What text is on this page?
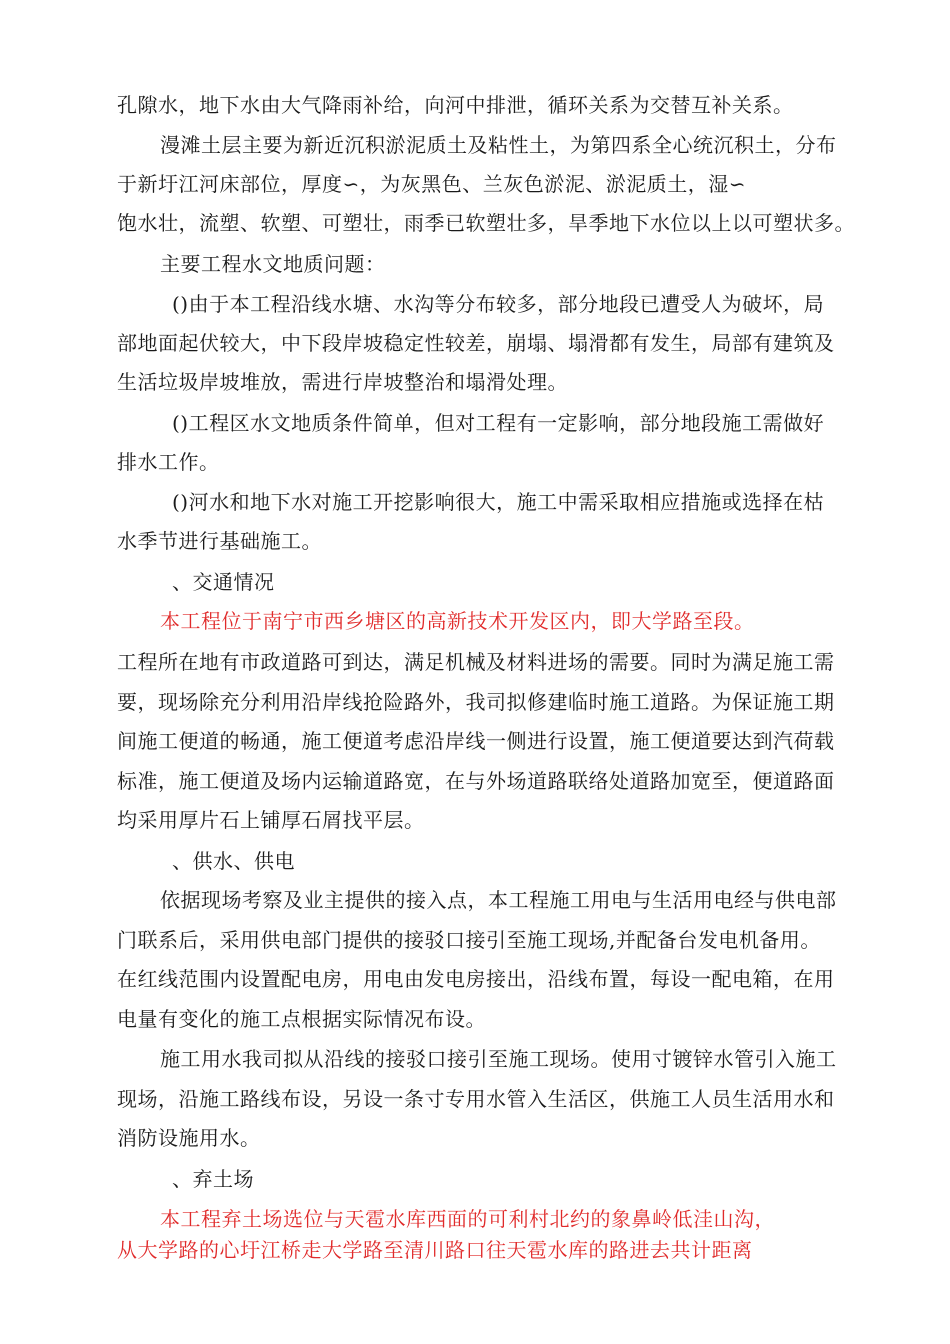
孔隙水，地下水由大气降雨补给，向河中排泄，循环关系为交替互补关系。
漫滩土层主要为新近沉积淤泥质土及粘性土，为第四系全心统沉积土，分布
于新圩江河床部位，厚度∽，为灰黑色、兰灰色淤泥、淤泥质土，湿∽
饱水壮，流塑、软塑、可塑壮，雨季已软塑壮多，旱季地下水位以上以可塑状多。
主要工程水文地质问题：
()由于本工程沿线水塘、水沟等分布较多，部分地段已遭受人为破坏，局
部地面起伏较大，中下段岸坡稳定性较差，崩塌、塌滑都有发生，局部有建筑及
生活垃圾岸坡堆放，需进行岸坡整治和塌滑处理。
()工程区水文地质条件简单，但对工程有一定影响，部分地段施工需做好
排水工作。
()河水和地下水对施工开挖影响很大，施工中需采取相应措施或选择在枯
水季节进行基础施工。
、交通情况
本工程位于南宁市西乡塘区的高新技术开发区内，即大学路至段。
工程所在地有市政道路可到达，满足机械及材料进场的需要。同时为满足施工需
要，现场除充分利用沿岸线抢险路外，我司拟修建临时施工道路。为保证施工期
间施工便道的畅通，施工便道考虑沿岸线一侧进行设置，施工便道要达到汽荷载
标准，施工便道及场内运输道路宽，在与外场道路联络处道路加宽至，便道路面
均采用厚片石上铺厚石屑找平层。
、供水、供电
依据现场考察及业主提供的接入点，本工程施工用电与生活用电经与供电部
门联系后，采用供电部门提供的接驳口接引至施工现场,并配备台发电机备用。
在红线范围内设置配电房，用电由发电房接出，沿线布置，每设一配电箱，在用
电量有变化的施工点根据实际情况布设。
施工用水我司拟从沿线的接驳口接引至施工现场。使用寸镀锌水管引入施工
现场，沿施工路线布设，另设一条寸专用水管入生活区，供施工人员生活用水和
消防设施用水。
、弃土场
本工程弃土场选位与天雹水库西面的可利村北约的象鼻岭低洼山沟，
从大学路的心圩江桥走大学路至清川路口往天雹水库的路进去共计距离
